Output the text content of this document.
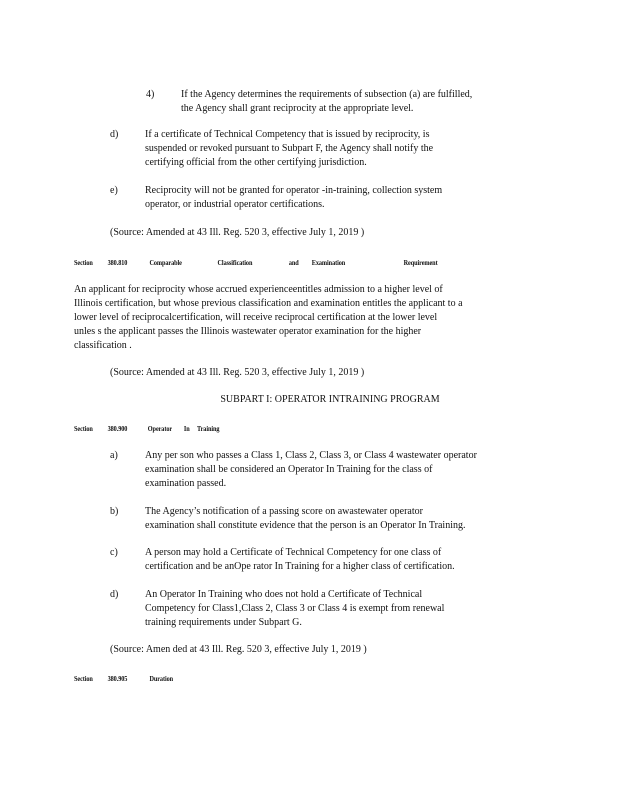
4)	If the Agency determines the requirements of subsection (a) are fulfilled,
the Agency shall grant reciprocity at the appropriate level.
d)	If a certificate of Technical Competency that is issued by reciprocity, is
suspended or revoked pursuant to Subpart F, the Agency shall notify the
certifying official from the other certifying jurisdiction.
e)	Reciprocity will not be granted for operator -in-training, collection system
operator, or industrial operator certifications.
(Source: Amended at 43 Ill. Reg. 520 3, effective July 1, 2019 )
Section 380.810	Comparable	Classification	and Examination	Requirement
An applicant for reciprocity whose accrued experienceentitles admission to a higher level of
Illinois certification, but whose previous classification and examination entitles the applicant to a
lower level of reciprocalcertification, will receive reciprocal certification at the lower level
unles s the applicant passes the Illinois wastewater operator examination for the higher
classification .
(Source: Amended at 43 Ill. Reg. 520 3, effective July 1, 2019 )
SUBPART I: OPERATOR INTRAINING PROGRAM
Section 380.900	Operator In Training
a)	Any per son who passes a Class 1, Class 2, Class 3, or Class 4 wastewater operator
examination shall be considered an Operator In Training for the class of
examination passed.
b)	The Agency’s notification of a passing score on awastewater operator
examination shall constitute evidence that the person is an Operator In Training.
c)	A person may hold a Certificate of Technical Competency for one class of
certification and be anOpe rator In Training for a higher class of certification.
d)	An Operator In Training who does not hold a Certificate of Technical
Competency for Class1,Class 2, Class 3 or Class 4 is exempt from renewal
training requirements under Subpart G.
(Source: Amen ded at 43 Ill. Reg. 520 3, effective July 1, 2019 )
Section 380.905	Duration
